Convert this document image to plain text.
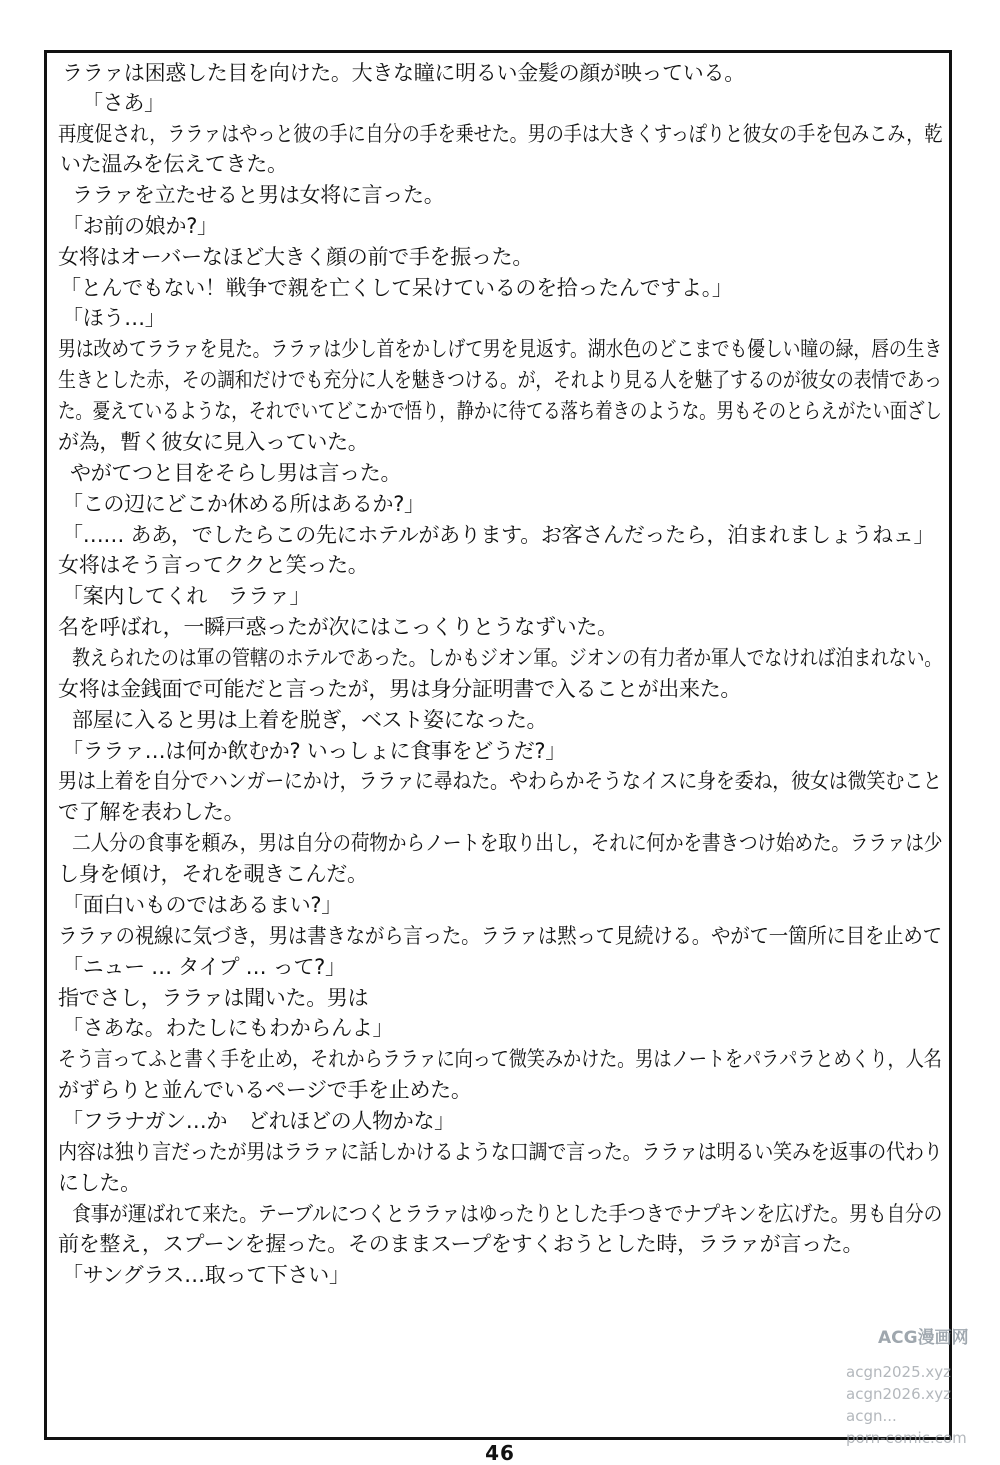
ララァは困惑した目を向けた。大きな瞳に明るい金髪の顔が映っている。
「さあ」
再度促され，ララァはやっと彼の手に自分の手を乗せた。男の手は大きくすっぽりと彼女の手を包みこみ，乾
いた温みを伝えてきた。
ララァを立たせると男は女将に言った。
「お前の娘か?」
女将はオーバーなほど大きく顔の前で手を振った。
「とんでもない！戦争で親を亡くして呆けているのを拾ったんですよ。」
「ほう…」
男は改めてララァを見た。ララァは少し首をかしげて男を見返す。湖水色のどこまでも優しい瞳の緑，唇の生き
生きとした赤，その調和だけでも充分に人を魅きつける。が，それより見る人を魅了するのが彼女の表情であっ
た。憂えているような，それでいてどこかで悟り，静かに待てる落ち着きのような。男もそのとらえがたい面ざし
が為，暫く彼女に見入っていた。
やがてつと目をそらし男は言った。
「この辺にどこか休める所はあるか?」
「…… ああ，でしたらこの先にホテルがあります。お客さんだったら，泊まれましょうねェ」
女将はそう言ってククと笑った。
「案内してくれ　ララァ」
名を呼ばれ，一瞬戸惑ったが次にはこっくりとうなずいた。
教えられたのは軍の管轄のホテルであった。しかもジオン軍。ジオンの有力者か軍人でなければ泊まれない。
女将は金銭面で可能だと言ったが，男は身分証明書で入ることが出来た。
部屋に入ると男は上着を脱ぎ，ベスト姿になった。
「ララァ…は何か飲むか? いっしょに食事をどうだ?」
男は上着を自分でハンガーにかけ，ララァに尋ねた。やわらかそうなイスに身を委ね，彼女は微笑むこと
で了解を表わした。
二人分の食事を頼み，男は自分の荷物からノートを取り出し，それに何かを書きつけ始めた。ララァは少
し身を傾け，それを覗きこんだ。
「面白いものではあるまい?」
ララァの視線に気づき，男は書きながら言った。ララァは黙って見続ける。やがて一箇所に目を止めて
「ニュー … タイプ … って?」
指でさし，ララァは聞いた。男は
「さあな。わたしにもわからんよ」
そう言ってふと書く手を止め，それからララァに向って微笑みかけた。男はノートをパラパラとめくり，人名
がずらりと並んでいるページで手を止めた。
「フラナガン…か　どれほどの人物かな」
内容は独り言だったが男はララァに話しかけるような口調で言った。ララァは明るい笑みを返事の代わり
にした。
食事が運ばれて来た。テーブルにつくとララァはゆったりとした手つきでナプキンを広げた。男も自分の
前を整え，スプーンを握った。そのままスープをすくおうとした時，ララァが言った。
「サングラス…取って下さい」
46
ACG漫画网
acgn2025.xyz
acgn2026.xyz
acgn...
porn-comic.com
